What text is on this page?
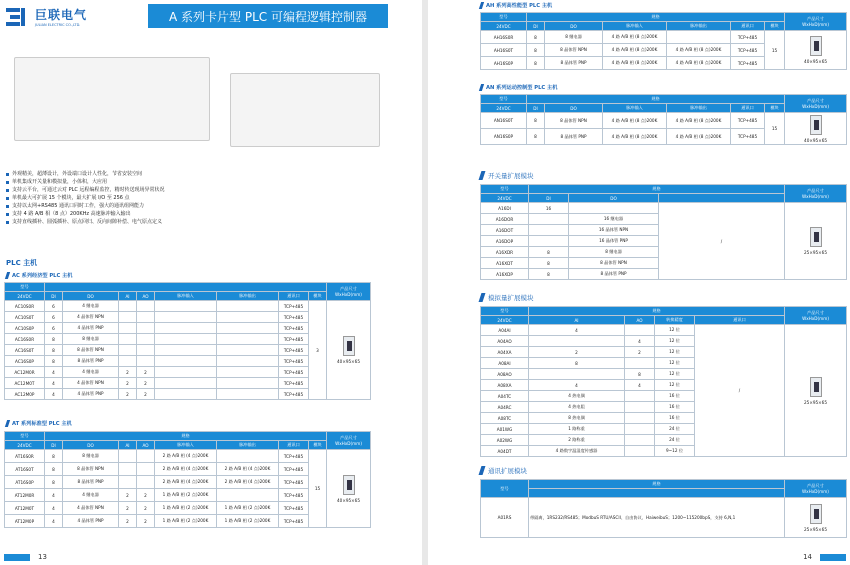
巨联电气
JULIAN ELECTRIC CO.,LTD.
A 系列卡片型 PLC 可编程逻辑控制器
外观精美，超薄设计，外设端口设计人性化，节省安装空间
单机集成开关量和模拟量，小体积，大应用
支持云平台，可通过云对 PLC 远程编程监控，精时传送现场异常状况
单机最大可扩展 15 个模块，最大扩展 I/O 至 256 点
支持以太网+RS485 通讯口同时工作，强大的通讯组网能力
支持 4 路 A/B 相（8 点）200KHz 高速脉冲输入输出
支持直线插补、圆弧插补、原点回归、反向间隙补偿、电气原点定义
PLC 主机
AC 系列经济型 PLC 主机
型号									产品尺寸
WxHxD(mm)
24VDC	DI	DO	AI	AO	脉冲输入	脉冲输出	通讯口	模块	
AC10S0R	6	4 继电器					TCP+485	3	40×95×65

AC10S0T	6	4 晶体管 NPN					TCP+485		
AC10S0P	6	4 晶体管 PNP					TCP+485		
AC16S0R	8	8 继电器					TCP+485		
AC16S0T	8	8 晶体管 NPN					TCP+485		
AC16S0P	8	8 晶体管 PNP					TCP+485		
AC12M0R	4	4 继电器	2	2			TCP+485		
AC12M0T	4	4 晶体管 NPN	2	2			TCP+485		
AC12M0P	4	4 晶体管 PNP	2	2			TCP+485		
AT 系列标准型 PLC 主机
型号	规格								产品尺寸
WxHxD(mm)
24VDC	DI	DO	AI	AO	脉冲输入	脉冲输出	通讯口	模块	
AT16S0R	8	8 继电器			2 路 A/B 相 (4 点)200K		TCP+485	15	40×95×65

AT16S0T	8	8 晶体管 NPN			2 路 A/B 相 (4 点)200K	2 路 A/B 相 (4 点)200K	TCP+485		
AT16S0P	8	8 晶体管 PNP			2 路 A/B 相 (4 点)200K	2 路 A/B 相 (4 点)200K	TCP+485		
AT12M0R	4	4 继电器	2	2	1 路 A/B 相 (2 点)200K		TCP+485		
AT12M0T	4	4 晶体管 NPN	2	2	1 路 A/B 相 (2 点)200K	1 路 A/B 相 (2 点)200K	TCP+485		
AT12M0P	4	4 晶体管 PNP	2	2	1 路 A/B 相 (2 点)200K	1 路 A/B 相 (2 点)200K	TCP+485		
13
AH 系列高性能型 PLC 主机
型号	规格						产品尺寸
WxHxD(mm)
24VDC	DI	DO	脉冲输入	脉冲输出	通讯口	模块	
AH16S0R	8	8 继电器	4 路 A/B 相 (8 点)200K		TCP+485	15	40×95×65

AH16S0T	8	8 晶体管 NPN	4 路 A/B 相 (8 点)200K	4 路 A/B 相 (8 点)200K	TCP+485		
AH16S0P	8	8 晶体管 PNP	4 路 A/B 相 (8 点)200K	4 路 A/B 相 (8 点)200K	TCP+485		
AN 系列运动控制型 PLC 主机
型号	规格						产品尺寸
WxHxD(mm)
24VDC	DI	DO	脉冲输入	脉冲输出	通讯口	模块	
AN16S0T	8	8 晶体管 NPN	4 路 A/B 相 (8 点)200K	4 路 A/B 相 (8 点)200K	TCP+485	15	40×95×65

AN16S0P	8	8 晶体管 PNP	4 路 A/B 相 (8 点)200K	4 路 A/B 相 (8 点)200K	TCP+485		
开关量扩展模块
型号	规格			产品尺寸
WxHxD(mm)
24VDC	DI	DO		
A16DI	16		/	25×95×65

A16DOR		16 继电器		
A16DOT		16 晶体管 NPN		
A16DOP		16 晶体管 PNP		
A16XDR	8	8 继电器		
A16XDT	8	8 晶体管 NPN		
A16XDP	8	8 晶体管 PNP		
模拟量扩展模块
型号	规格				产品尺寸
WxHxD(mm)
24VDC	AI	AO	转换精度	通讯口	
A04AI	4		12 位	/	25×95×65

A04AO		4	12 位		
A04XA	2	2	12 位		
A08AI	8		12 位		
A08AO		8	12 位		
A08XA	4	4	12 位		
A04TC	4 热电偶		16 位		
A04RC	4 热电阻		16 位		
A08TC	8 热电偶		16 位		
A01WG	1 路称重		24 位		
A02WG	2 路称重		24 位		
A04DT	4 路数字温湿度传感器		9~12 位		
通讯扩展模块
型号	规格	产品尺寸
WxHxD(mm)

A01RS	带隔离，1RS232/RS485；ModbuS RTU/ASCII、自由协议、HaiweibuS；1200~115200bpS，支持 6,N,1	25×95×65
14
